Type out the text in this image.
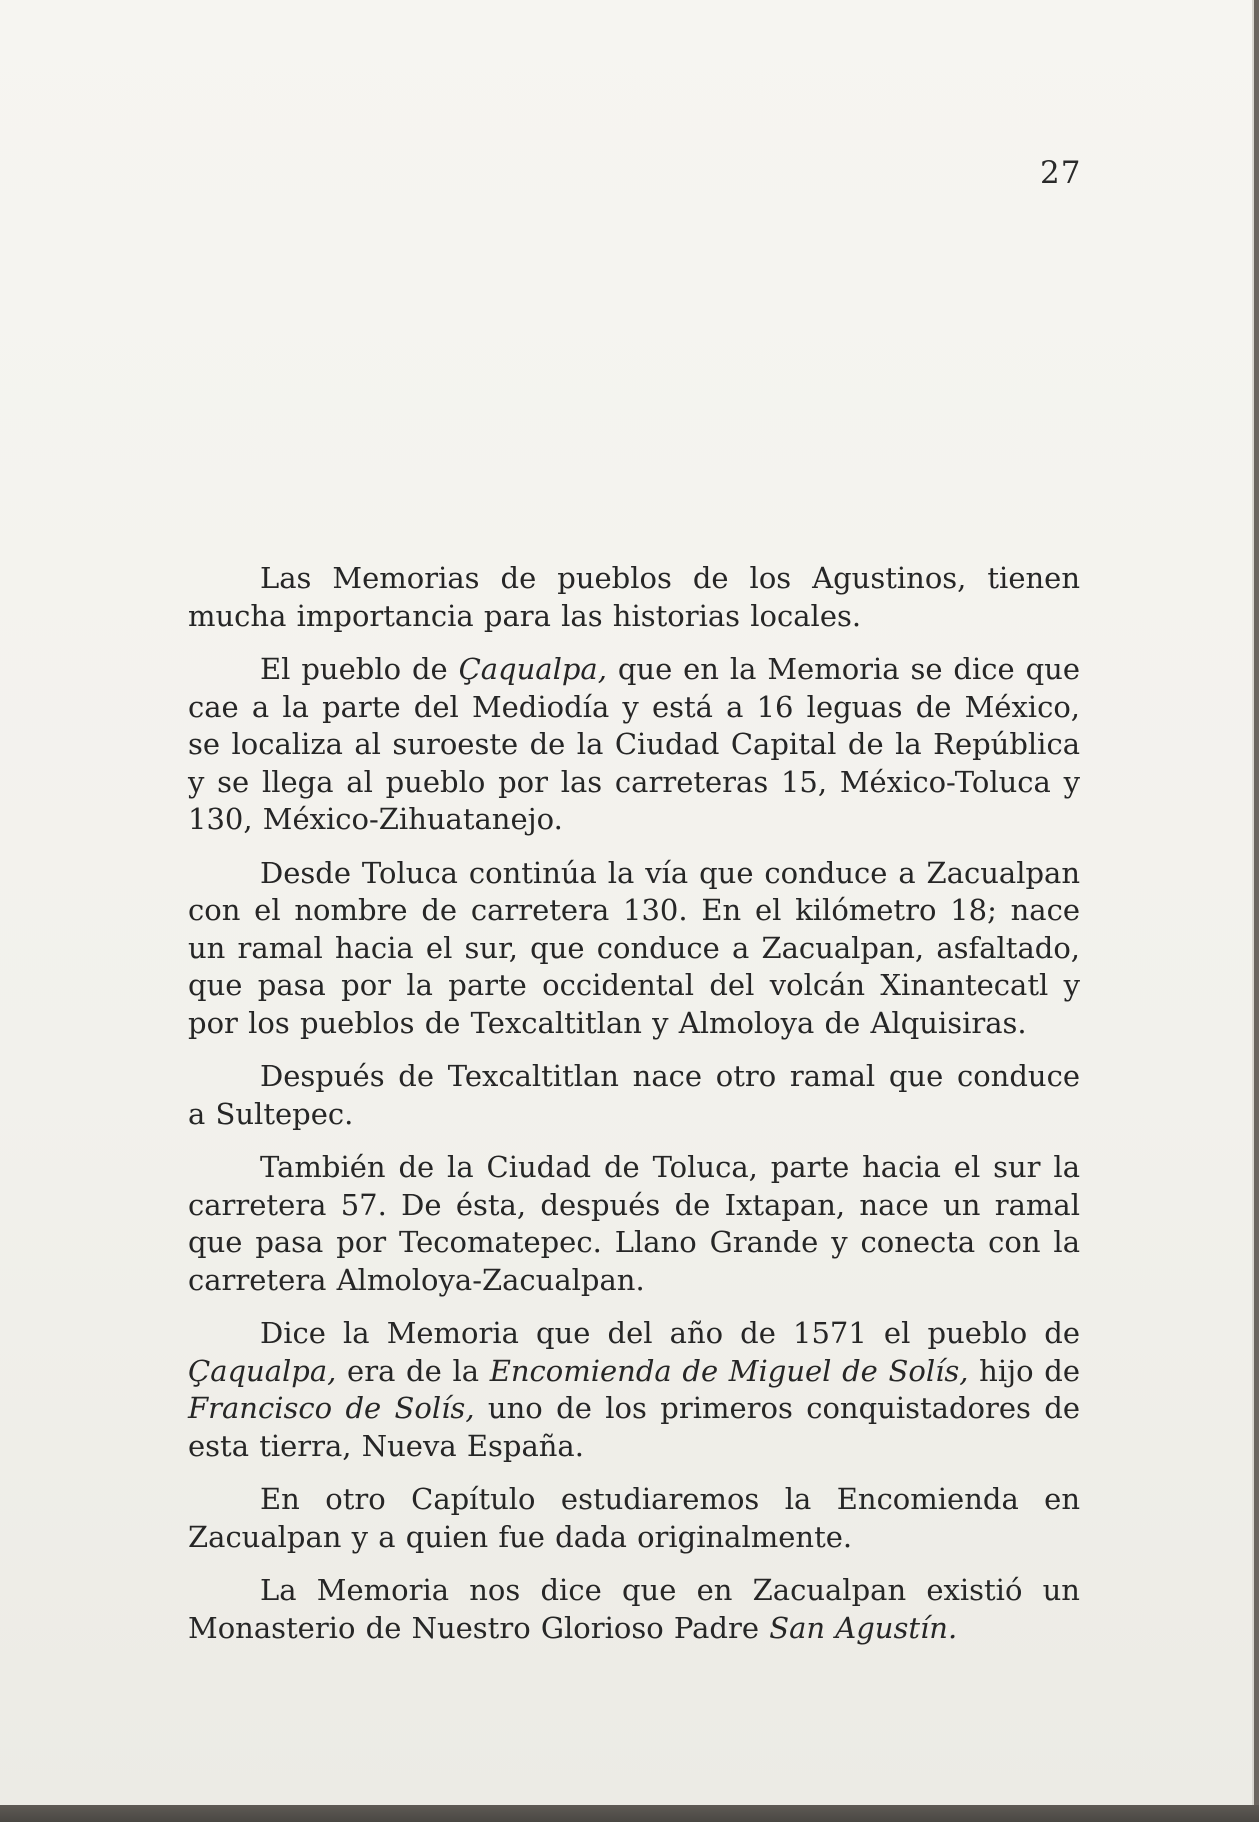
27

Las Memorias de pueblos de los Agustinos, tienen mucha importancia para las historias locales.

El pueblo de Çaqualpa, que en la Memoria se dice que cae a la parte del Mediodía y está a 16 leguas de México, se localiza al suroeste de la Ciudad Capital de la República y se llega al pueblo por las carreteras 15, México-Toluca y 130, México-Zihuatanejo.

Desde Toluca continúa la vía que conduce a Zacualpan con el nombre de carretera 130. En el kilómetro 18; nace un ramal hacia el sur, que conduce a Zacualpan, asfaltado, que pasa por la parte occidental del volcán Xinantecatl y por los pueblos de Texcaltitlan y Almoloya de Alquisiras.

Después de Texcaltitlan nace otro ramal que conduce a Sultepec.

También de la Ciudad de Toluca, parte hacia el sur la carretera 57. De ésta, después de Ixtapan, nace un ramal que pasa por Tecomatepec. Llano Grande y conecta con la carretera Almoloya-Zacualpan.

Dice la Memoria que del año de 1571 el pueblo de Çaqualpa, era de la Encomienda de Miguel de Solís, hijo de Francisco de Solís, uno de los primeros conquistadores de esta tierra, Nueva España.

En otro Capítulo estudiaremos la Encomienda en Zacualpan y a quien fue dada originalmente.

La Memoria nos dice que en Zacualpan existió un Monasterio de Nuestro Glorioso Padre San Agustín.
